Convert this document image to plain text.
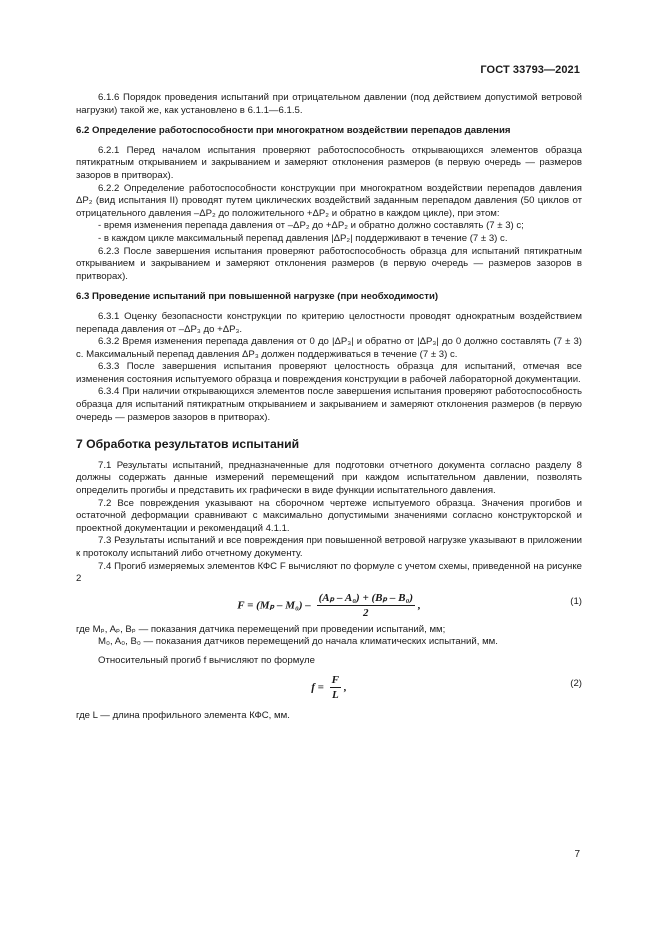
ГОСТ 33793—2021

6.1.6 Порядок проведения испытаний при отрицательном давлении (под действием допустимой ветровой нагрузки) такой же, как установлено в 6.1.1—6.1.5.

6.2 Определение работоспособности при многократном воздействии перепадов давления

6.2.1 Перед началом испытания проверяют работоспособность открывающихся элементов образца пятикратным открыванием и закрыванием и замеряют отклонения размеров (в первую очередь — размеров зазоров в притворах).

6.2.2 Определение работоспособности конструкции при многократном воздействии перепадов давления ΔP₂ (вид испытания II) проводят путем циклических воздействий заданным перепадом давления (50 циклов от отрицательного давления –ΔP₂ до положительного +ΔP₂ и обратно в каждом цикле), при этом:

- время изменения перепада давления от –ΔP₂ до +ΔP₂ и обратно должно составлять (7 ± 3) с;

- в каждом цикле максимальный перепад давления |ΔP₂| поддерживают в течение (7 ± 3) с.

6.2.3 После завершения испытания проверяют работоспособность образца для испытаний пятикратным открыванием и закрыванием и замеряют отклонения размеров (в первую очередь — размеров зазоров в притворах).

6.3 Проведение испытаний при повышенной нагрузке (при необходимости)

6.3.1 Оценку безопасности конструкции по критерию целостности проводят однократным воздействием перепада давления от –ΔP₃ до +ΔP₃.

6.3.2 Время изменения перепада давления от 0 до |ΔP₃| и обратно от |ΔP₃| до 0 должно составлять (7 ± 3) с. Максимальный перепад давления ΔP₃ должен поддерживаться в течение (7 ± 3) с.

6.3.3 После завершения испытания проверяют целостность образца для испытаний, отмечая все изменения состояния испытуемого образца и повреждения конструкции в рабочей лабораторной документации.

6.3.4 При наличии открывающихся элементов после завершения испытания проверяют работоспособность образца для испытаний пятикратным открыванием и закрыванием и замеряют отклонения размеров (в первую очередь — размеров зазоров в притворах).

7 Обработка результатов испытаний

7.1 Результаты испытаний, предназначенные для подготовки отчетного документа согласно разделу 8 должны содержать данные измерений перемещений при каждом испытательном давлении, позволять определить прогибы и представить их графически в виде функции испытательного давления.

7.2 Все повреждения указывают на сборочном чертеже испытуемого образца. Значения прогибов и остаточной деформации сравнивают с максимально допустимыми значениями согласно конструкторской и проектной документации и рекомендаций 4.1.1.

7.3 Результаты испытаний и все повреждения при повышенной ветровой нагрузке указывают в приложении к протоколу испытаний либо отчетному документу.

7.4 Прогиб измеряемых элементов КФС F вычисляют по формуле с учетом схемы, приведенной на рисунке 2

$F = (M_p - M_0) - \frac{\text{(Aₚ – A₀) + (Bₚ – B₀)}}{2}$ ,	(1)

где Mₚ, Aₚ, Bₚ — показания датчика перемещений при проведении испытаний, мм;

M₀, A₀, B₀ — показания датчиков перемещений до начала климатических испытаний, мм.

Относительный прогиб f вычисляют по формуле

$f = \frac{F}{L}$ ,	(2)

где L — длина профильного элемента КФС, мм.

7
